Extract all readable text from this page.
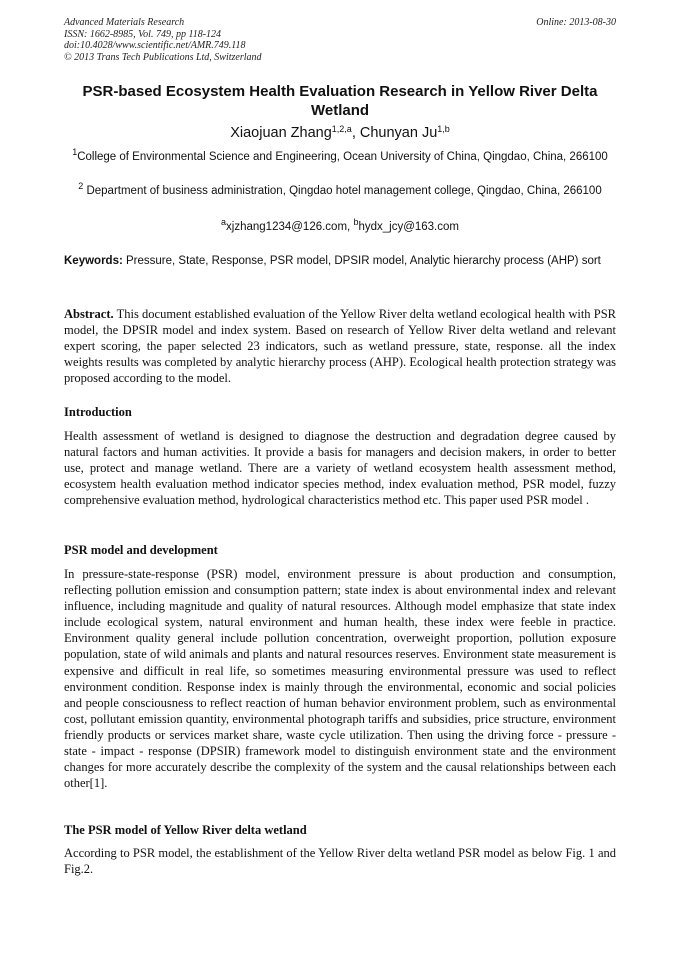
Advanced Materials Research
ISSN: 1662-8985, Vol. 749, pp 118-124
doi:10.4028/www.scientific.net/AMR.749.118
© 2013 Trans Tech Publications Ltd, Switzerland
Online: 2013-08-30
PSR-based Ecosystem Health Evaluation Research in Yellow River Delta Wetland
Xiaojuan Zhang$^{1,2,a}$, Chunyan Ju$^{1,b}$
$^1$College of Environmental Science and Engineering, Ocean University of China, Qingdao, China, 266100
$^2$ Department of business administration, Qingdao hotel management college, Qingdao, China, 266100
$^a$xjzhang1234@126.com, $^b$hydx_jcy@163.com
Keywords: Pressure, State, Response, PSR model, DPSIR model, Analytic hierarchy process (AHP) sort
Abstract. This document established evaluation of the Yellow River delta wetland ecological health with PSR model, the DPSIR model and index system. Based on research of Yellow River delta wetland and relevant expert scoring, the paper selected 23 indicators, such as wetland pressure, state, response. all the index weights results was completed by analytic hierarchy process (AHP). Ecological health protection strategy was proposed according to the model.
Introduction
Health assessment of wetland is designed to diagnose the destruction and degradation degree caused by natural factors and human activities. It provide a basis for managers and decision makers, in order to better use, protect and manage wetland. There are a variety of wetland ecosystem health assessment method, ecosystem health evaluation method indicator species method, index evaluation method, PSR model, fuzzy comprehensive evaluation method, hydrological characteristics method etc. This paper used PSR model .
PSR model and development
In pressure-state-response (PSR) model, environment pressure is about production and consumption, reflecting pollution emission and consumption pattern; state index is about environmental index and relevant influence, including magnitude and quality of natural resources. Although model emphasize that state index include ecological system, natural environment and human health, these index were feeble in practice. Environment quality general include pollution concentration, overweight proportion, pollution exposure population, state of wild animals and plants and natural resources reserves. Environment state measurement is expensive and difficult in real life, so sometimes measuring environmental pressure was used to reflect environment condition. Response index is mainly through the environmental, economic and social policies and people consciousness to reflect reaction of human behavior environment problem, such as environmental cost, pollutant emission quantity, environmental photograph tariffs and subsidies, price structure, environment friendly products or services market share, waste cycle utilization. Then using the driving force - pressure - state - impact - response (DPSIR) framework model to distinguish environment state and the environment changes for more accurately describe the complexity of the system and the causal relationships between each other[1].
The PSR model of Yellow River delta wetland
According to PSR model, the establishment of the Yellow River delta wetland PSR model as below Fig. 1 and Fig.2.
